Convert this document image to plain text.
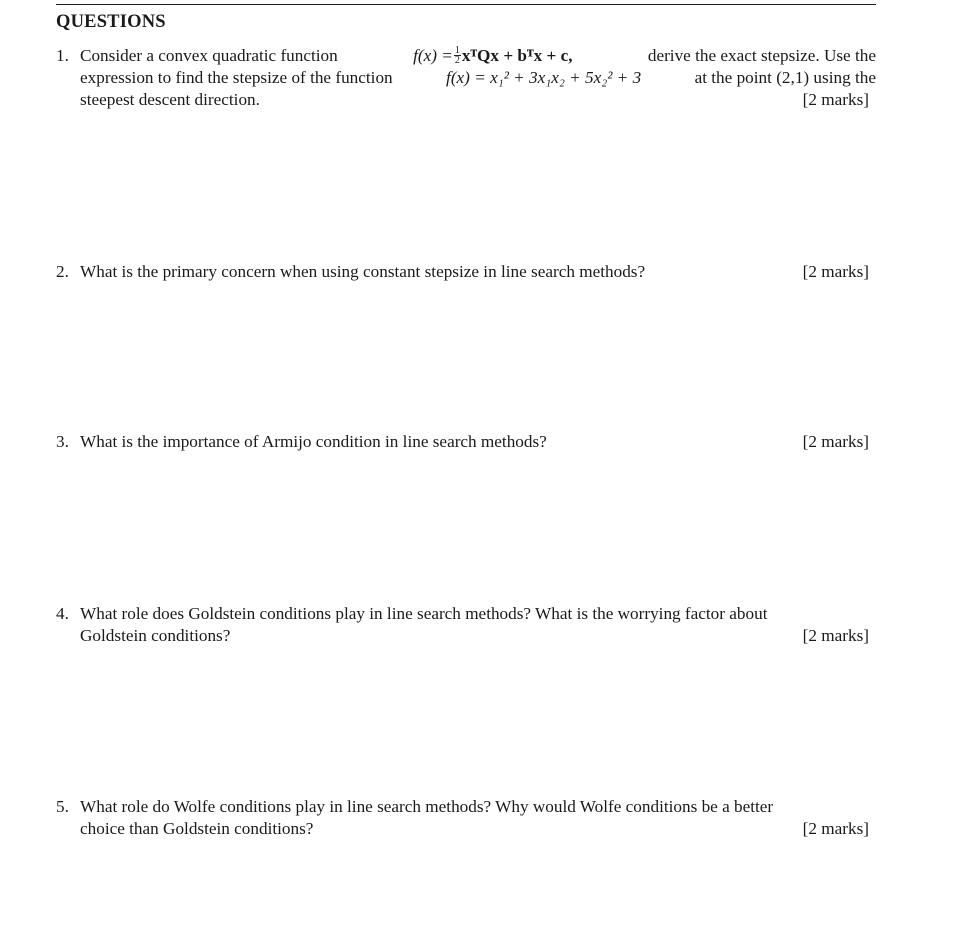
QUESTIONS
1. Consider a convex quadratic function	$f(x) = \frac{1}{2}$ xᵀQx + bᵀx + c,	derive the exact stepsize. Use the
expression to find the stepsize of the function	f(x) = x₁² + 3x₁x₂ + 5x₂² + 3	at the point (2,1) using the
steepest descent direction.	[2 marks]
2. What is the primary concern when using constant stepsize in line search methods?	[2 marks]
3. What is the importance of Armijo condition in line search methods?	[2 marks]
4. What role does Goldstein conditions play in line search methods? What is the worrying factor about
Goldstein conditions?	[2 marks]
5. What role do Wolfe conditions play in line search methods? Why would Wolfe conditions be a better
choice than Goldstein conditions?	[2 marks]
